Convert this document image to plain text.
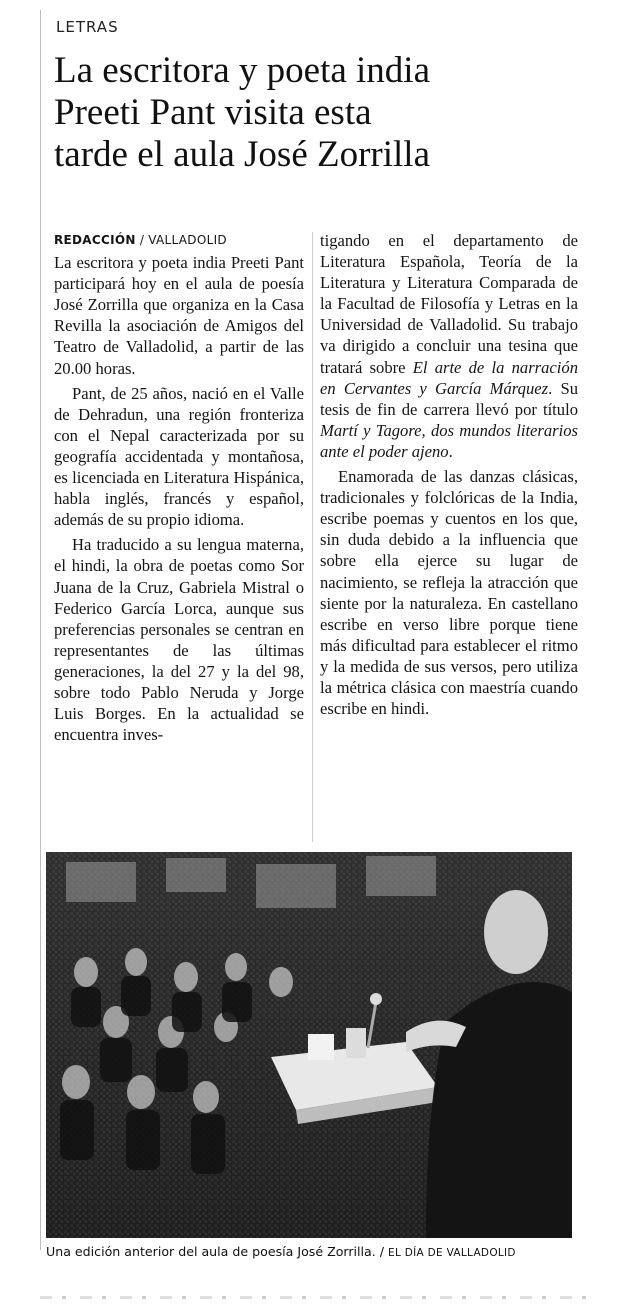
LETRAS
La escritora y poeta india
Preeti Pant visita esta
tarde el aula José Zorrilla
REDACCIÓN / VALLADOLID

La escritora y poeta india Preeti Pant participará hoy en el aula de poesía José Zorrilla que organiza en la Casa Revilla la asociación de Amigos del Teatro de Valladolid, a partir de las 20.00 horas.

Pant, de 25 años, nació en el Valle de Dehradun, una región fronteriza con el Nepal caracterizada por su geografía accidentada y montañosa, es licenciada en Literatura Hispánica, habla inglés, francés y español, además de su propio idioma.

Ha traducido a su lengua materna, el hindi, la obra de poetas como Sor Juana de la Cruz, Gabriela Mistral o Federico García Lorca, aunque sus preferencias personales se centran en representantes de las últimas generaciones, la del 27 y la del 98, sobre todo Pablo Neruda y Jorge Luis Borges. En la actualidad se encuentra inves-

tigando en el departamento de Literatura Española, Teoría de la Literatura y Literatura Comparada de la Facultad de Filosofía y Letras en la Universidad de Valladolid. Su trabajo va dirigido a concluir una tesina que tratará sobre El arte de la narración en Cervantes y García Márquez. Su tesis de fin de carrera llevó por título Martí y Tagore, dos mundos literarios ante el poder ajeno.

Enamorada de las danzas clásicas, tradicionales y folclóricas de la India, escribe poemas y cuentos en los que, sin duda debido a la influencia que sobre ella ejerce su lugar de nacimiento, se refleja la atracción que siente por la naturaleza. En castellano escribe en verso libre porque tiene más dificultad para establecer el ritmo y la medida de sus versos, pero utiliza la métrica clásica con maestría cuando escribe en hindi.

Una edición anterior del aula de poesía José Zorrilla. / EL DÍA DE VALLADOLID
